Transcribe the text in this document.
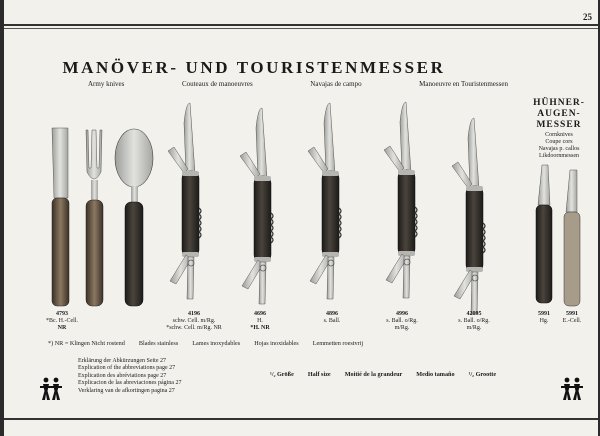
25
MANÖVER- UND TOURISTENMESSER
Army knives	Couteaux de manoeuvres	Navajas de campo	Manoeuvre en Touristenmessen
HÜHNER-
AUGEN-
MESSER
Cornknives
Coupe cors
Navajas p. callos
Likdoornmessen
4793
*Bc. H.-Cell.
NR
4196
schw. Cell. m/Rg.
*schw. Cell. m/Rg. NR
4696
H.
*H. NR
4896
s. Ball.
4996
s. Ball. o/Rg.
m/Rg.
42095
s. Ball. o/Rg.
m/Rg.
5991
Hg.
5991
E.-Cell.
*) NR = Klingen Nicht rostend Blades stainless Lames inoxydables Hojas inoxidables Lemmetten roestvrij
Erklärung der Abkürzungen Seite 27
Explication of the abbreviations page 27
Explication des abréviations page 27
Explicacion de las abreviaciones página 27
Verklaring van de afkortingen pagina 27
¹/₂ Größe Half size Moitié de la grandeur Medio tamaño ¹/₂ Grootte
